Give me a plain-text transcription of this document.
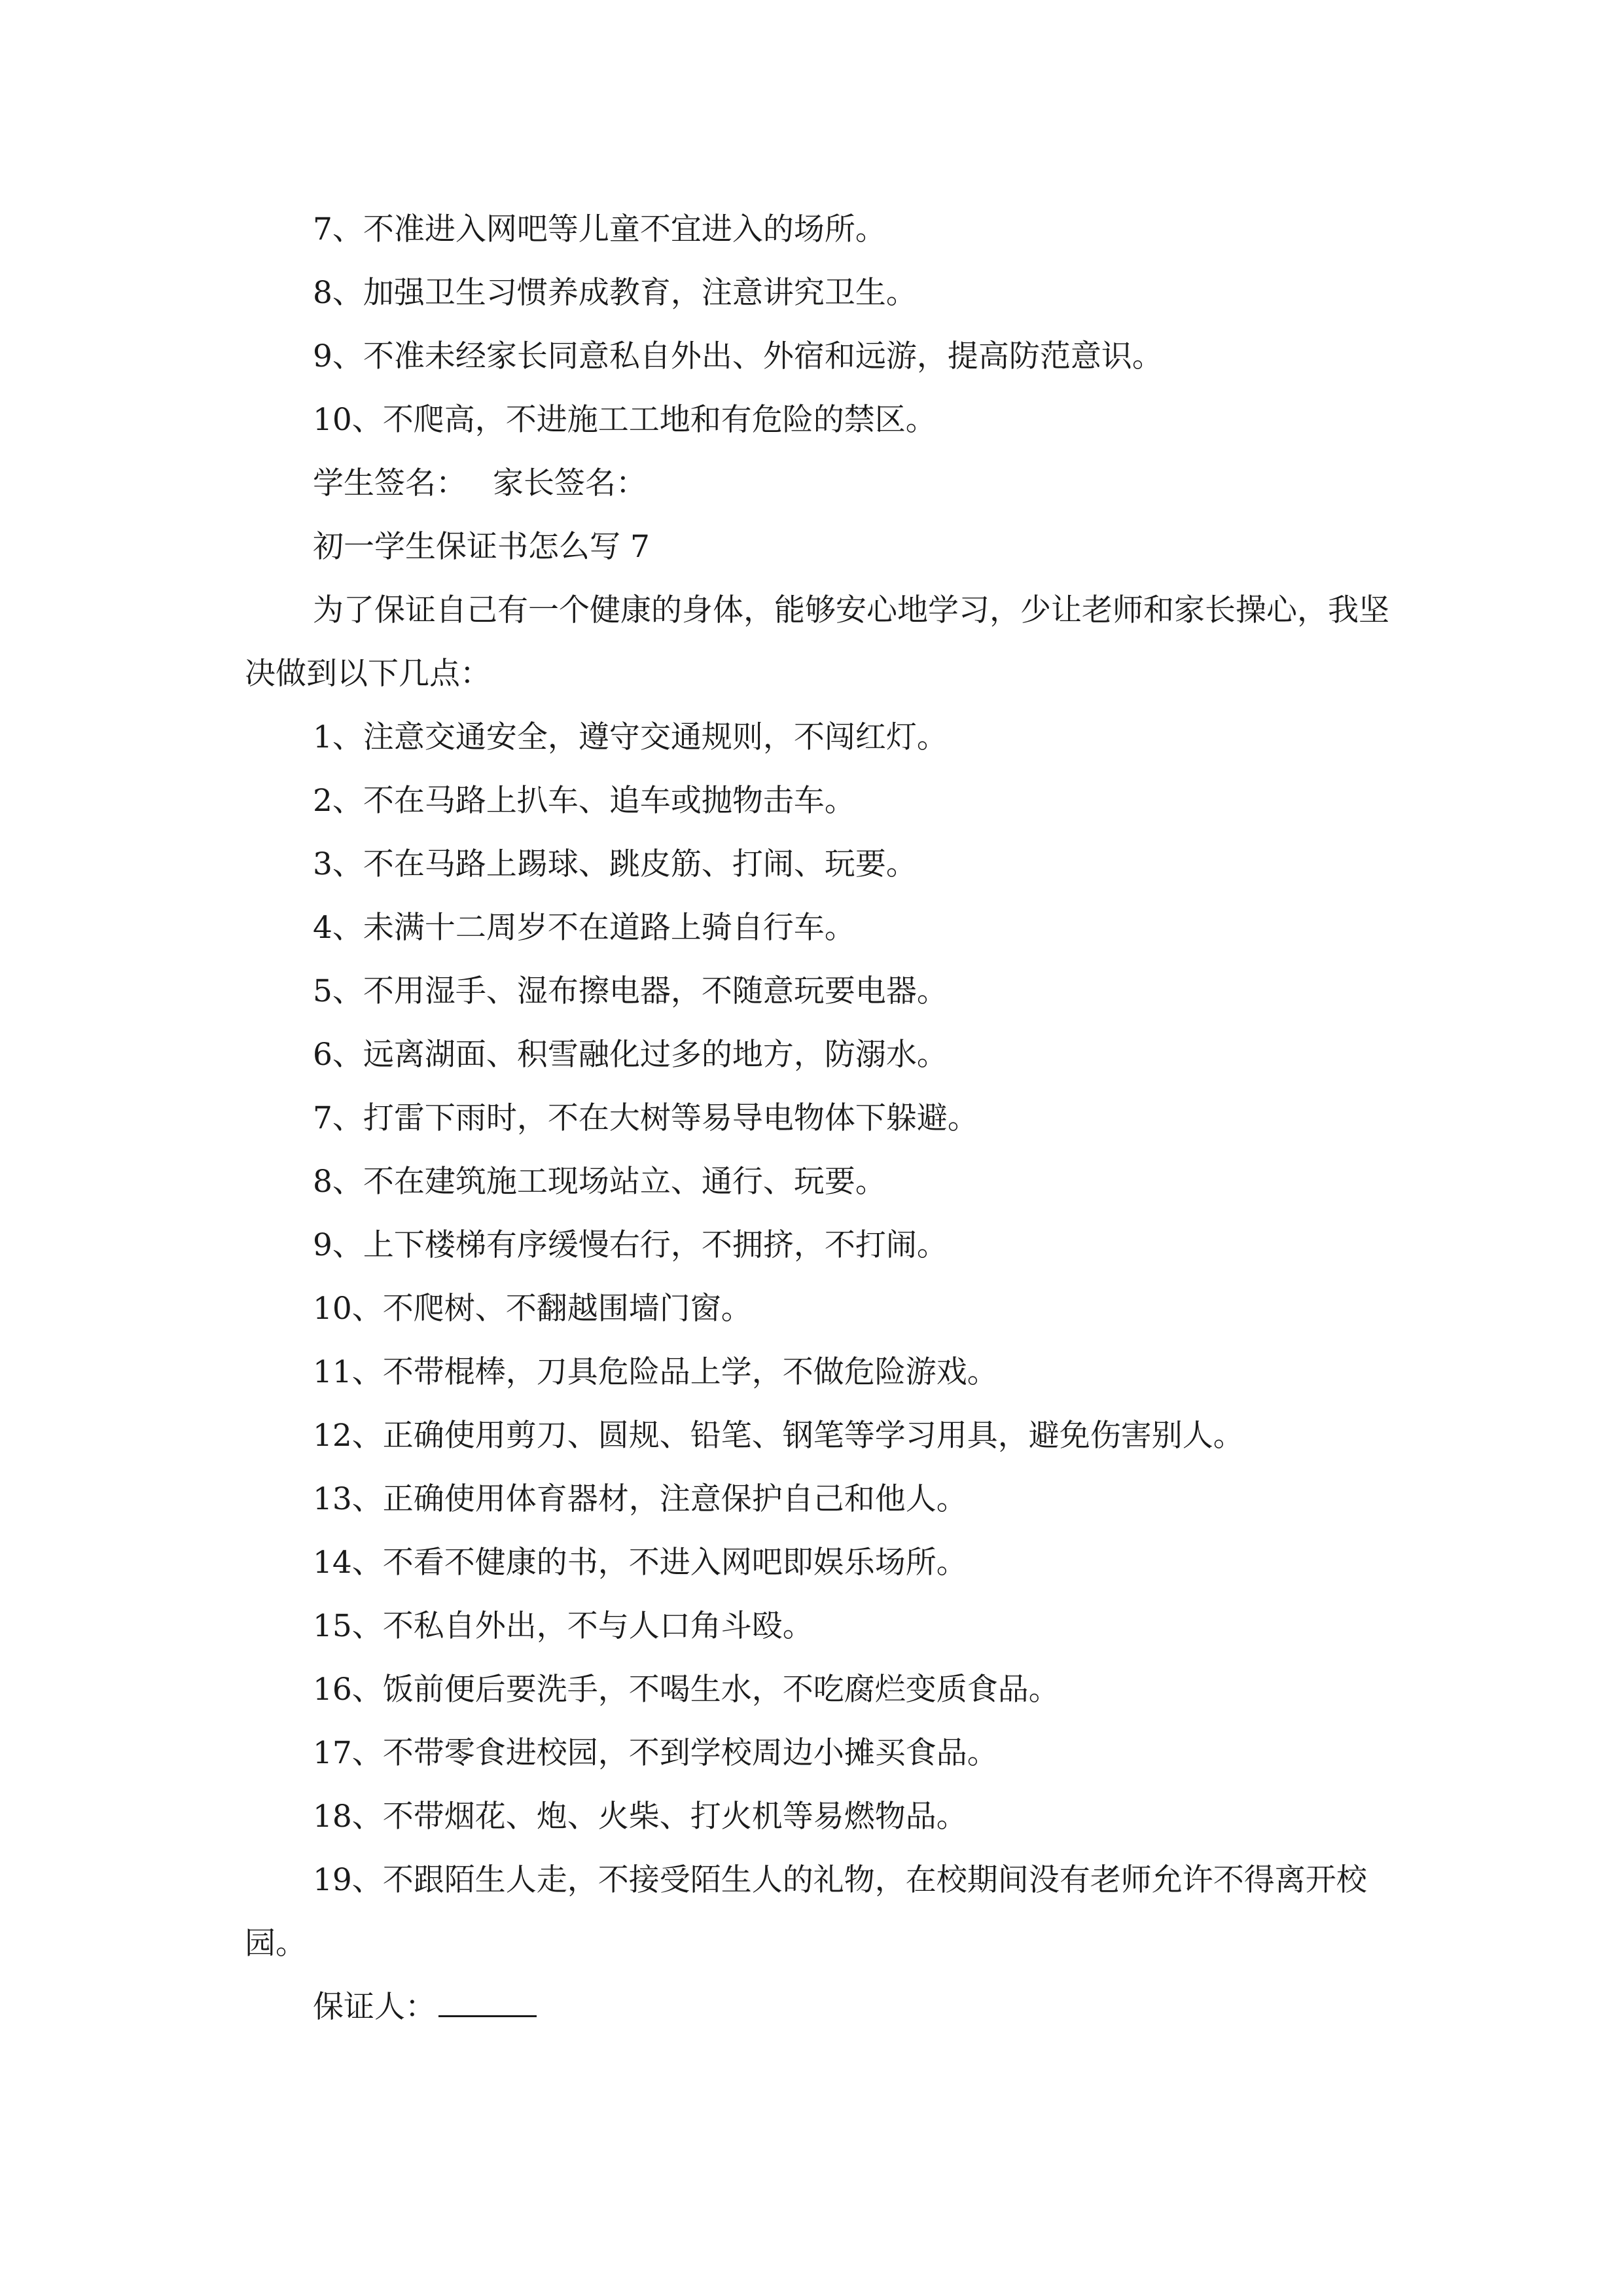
7、不准进入网吧等儿童不宜进入的场所。

8、加强卫生习惯养成教育，注意讲究卫生。

9、不准未经家长同意私自外出、外宿和远游，提高防范意识。

10、不爬高，不进施工工地和有危险的禁区。

学生签名： 家长签名：

初一学生保证书怎么写 7

为了保证自己有一个健康的身体，能够安心地学习，少让老师和家长操心，我坚决做到以下几点：

1、注意交通安全，遵守交通规则，不闯红灯。

2、不在马路上扒车、追车或抛物击车。

3、不在马路上踢球、跳皮筋、打闹、玩要。

4、未满十二周岁不在道路上骑自行车。

5、不用湿手、湿布擦电器，不随意玩要电器。

6、远离湖面、积雪融化过多的地方，防溺水。

7、打雷下雨时，不在大树等易导电物体下躲避。

8、不在建筑施工现场站立、通行、玩要。

9、上下楼梯有序缓慢右行，不拥挤，不打闹。

10、不爬树、不翻越围墙门窗。

11、不带棍棒，刀具危险品上学，不做危险游戏。

12、正确使用剪刀、圆规、铅笔、钢笔等学习用具，避免伤害别人。

13、正确使用体育器材，注意保护自己和他人。

14、不看不健康的书，不进入网吧即娱乐场所。

15、不私自外出，不与人口角斗殴。

16、饭前便后要洗手，不喝生水，不吃腐烂变质食品。

17、不带零食进校园，不到学校周边小摊买食品。

18、不带烟花、炮、火柴、打火机等易燃物品。

19、不跟陌生人走，不接受陌生人的礼物，在校期间没有老师允许不得离开校园。

保证人：
